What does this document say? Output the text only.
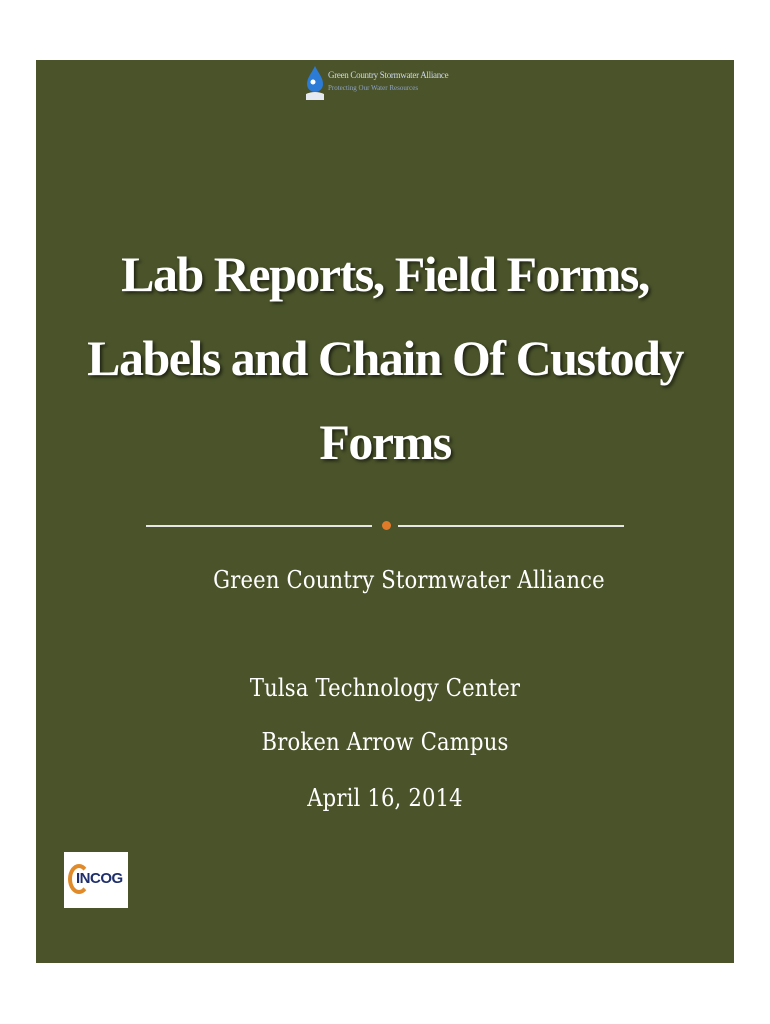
Green Country Stormwater Alliance
Protecting Our Water Resources
Lab Reports, Field Forms,
Labels and Chain Of Custody
Forms
Green Country Stormwater Alliance
Tulsa Technology Center
Broken Arrow Campus
April 16, 2014
INCOG
